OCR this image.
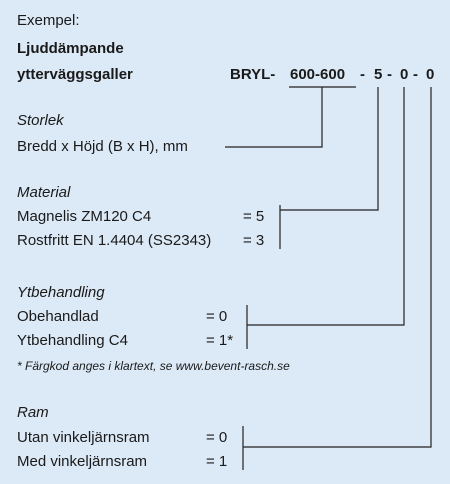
Exempel:
Ljuddämpande
ytterväggsgaller	BRYL- 600-600 - 5 - 0 - 0
Storlek
Bredd x Höjd (B x H), mm
Material
Magnelis ZM120 C4	= 5
Rostfritt EN 1.4404 (SS2343) = 3
Ytbehandling
Obehandlad	= 0
Ytbehandling C4	= 1*
* Färgkod anges i klartext, se www.bevent-rasch.se
Ram
Utan vinkeljärnsram	= 0
Med vinkeljärnsram	= 1
